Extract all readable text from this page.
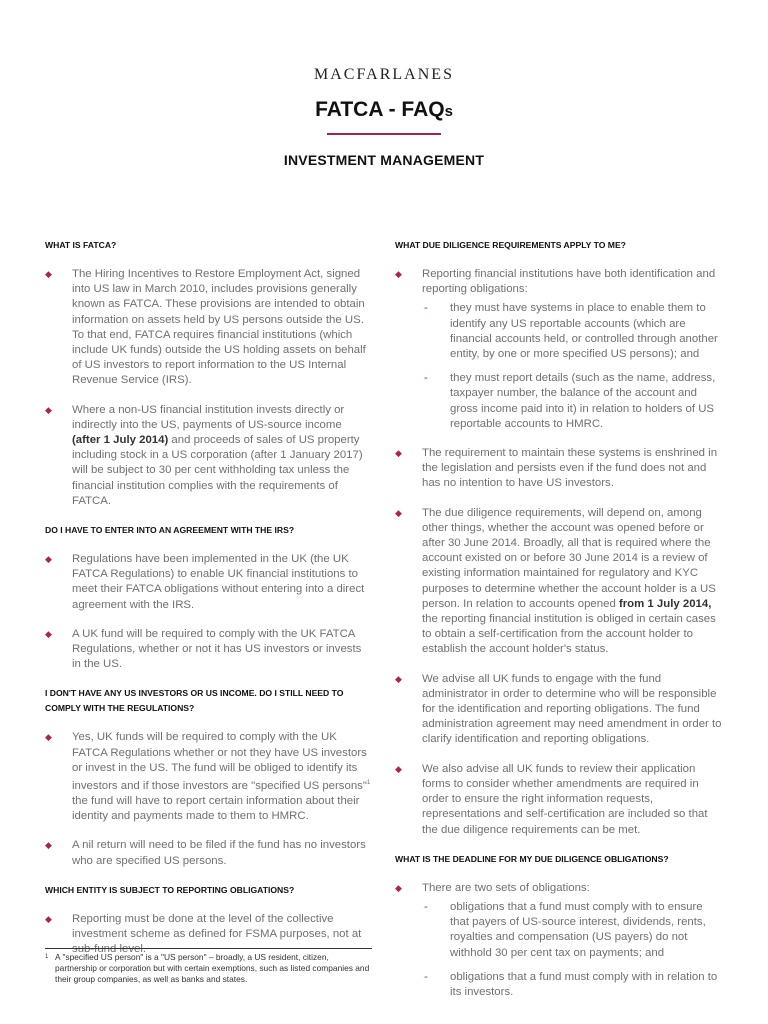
MACFARLANES
FATCA - FAQs
INVESTMENT MANAGEMENT
WHAT IS FATCA?
◆ The Hiring Incentives to Restore Employment Act, signed into US law in March 2010, includes provisions generally known as FATCA. These provisions are intended to obtain information on assets held by US persons outside the US. To that end, FATCA requires financial institutions (which include UK funds) outside the US holding assets on behalf of US investors to report information to the US Internal Revenue Service (IRS).
◆ Where a non-US financial institution invests directly or indirectly into the US, payments of US-source income (after 1 July 2014) and proceeds of sales of US property including stock in a US corporation (after 1 January 2017) will be subject to 30 per cent withholding tax unless the financial institution complies with the requirements of FATCA.
DO I HAVE TO ENTER INTO AN AGREEMENT WITH THE IRS?
◆ Regulations have been implemented in the UK (the UK FATCA Regulations) to enable UK financial institutions to meet their FATCA obligations without entering into a direct agreement with the IRS.
◆ A UK fund will be required to comply with the UK FATCA Regulations, whether or not it has US investors or invests in the US.
I DON'T HAVE ANY US INVESTORS OR US INCOME. DO I STILL NEED TO COMPLY WITH THE REGULATIONS?
◆ Yes, UK funds will be required to comply with the UK FATCA Regulations whether or not they have US investors or invest in the US. The fund will be obliged to identify its investors and if those investors are "specified US persons"$^1$ the fund will have to report certain information about their identity and payments made to them to HMRC.
◆ A nil return will need to be filed if the fund has no investors who are specified US persons.
WHICH ENTITY IS SUBJECT TO REPORTING OBLIGATIONS?
◆ Reporting must be done at the level of the collective investment scheme as defined for FSMA purposes, not at sub-fund level.
1 A "specified US person" is a "US person" – broadly, a US resident, citizen, partnership or corporation but with certain exemptions, such as listed companies and their group companies, as well as banks and states.
WHAT DUE DILIGENCE REQUIREMENTS APPLY TO ME?
◆ Reporting financial institutions have both identification and reporting obligations:
- they must have systems in place to enable them to identify any US reportable accounts (which are financial accounts held, or controlled through another entity, by one or more specified US persons); and
- they must report details (such as the name, address, taxpayer number, the balance of the account and gross income paid into it) in relation to holders of US reportable accounts to HMRC.
◆ The requirement to maintain these systems is enshrined in the legislation and persists even if the fund does not and has no intention to have US investors.
◆ The due diligence requirements, will depend on, among other things, whether the account was opened before or after 30 June 2014. Broadly, all that is required where the account existed on or before 30 June 2014 is a review of existing information maintained for regulatory and KYC purposes to determine whether the account holder is a US person. In relation to accounts opened from 1 July 2014, the reporting financial institution is obliged in certain cases to obtain a self-certification from the account holder to establish the account holder's status.
◆ We advise all UK funds to engage with the fund administrator in order to determine who will be responsible for the identification and reporting obligations. The fund administration agreement may need amendment in order to clarify identification and reporting obligations.
◆ We also advise all UK funds to review their application forms to consider whether amendments are required in order to ensure the right information requests, representations and self-certification are included so that the due diligence requirements can be met.
WHAT IS THE DEADLINE FOR MY DUE DILIGENCE OBLIGATIONS?
◆ There are two sets of obligations:
- obligations that a fund must comply with to ensure that payers of US-source interest, dividends, rents, royalties and compensation (US payers) do not withhold 30 per cent tax on payments; and
- obligations that a fund must comply with in relation to its investors.
